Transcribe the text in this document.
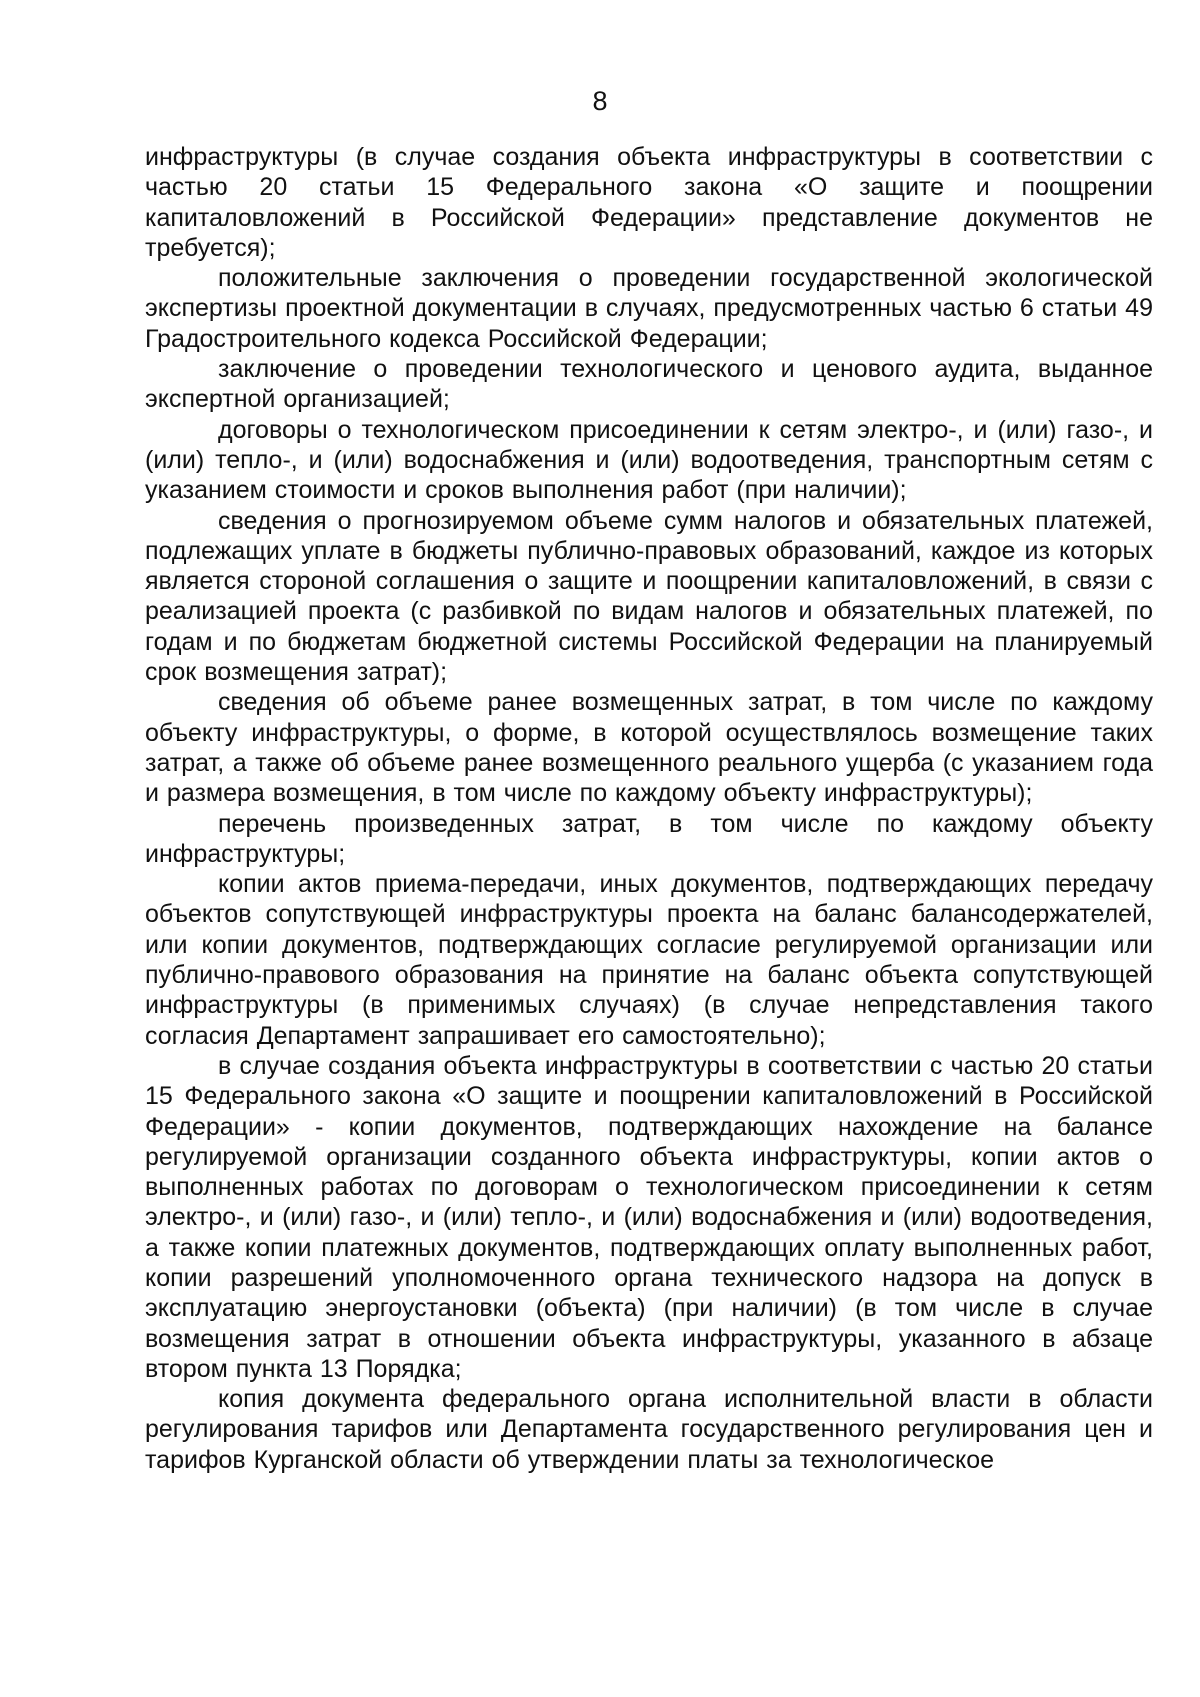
8

инфраструктуры (в случае создания объекта инфраструктуры в соответствии с частью 20 статьи 15 Федерального закона «О защите и поощрении капиталовложений в Российской Федерации» представление документов не требуется);

положительные заключения о проведении государственной экологической экспертизы проектной документации в случаях, предусмотренных частью 6 статьи 49 Градостроительного кодекса Российской Федерации;

заключение о проведении технологического и ценового аудита, выданное экспертной организацией;

договоры о технологическом присоединении к сетям электро-, и (или) газо-, и (или) тепло-, и (или) водоснабжения и (или) водоотведения, транспортным сетям с указанием стоимости и сроков выполнения работ (при наличии);

сведения о прогнозируемом объеме сумм налогов и обязательных платежей, подлежащих уплате в бюджеты публично-правовых образований, каждое из которых является стороной соглашения о защите и поощрении капиталовложений, в связи с реализацией проекта (с разбивкой по видам налогов и обязательных платежей, по годам и по бюджетам бюджетной системы Российской Федерации на планируемый срок возмещения затрат);

сведения об объеме ранее возмещенных затрат, в том числе по каждому объекту инфраструктуры, о форме, в которой осуществлялось возмещение таких затрат, а также об объеме ранее возмещенного реального ущерба (с указанием года и размера возмещения, в том числе по каждому объекту инфраструктуры);

перечень произведенных затрат, в том числе по каждому объекту инфраструктуры;

копии актов приема-передачи, иных документов, подтверждающих передачу объектов сопутствующей инфраструктуры проекта на баланс балансодержателей, или копии документов, подтверждающих согласие регулируемой организации или публично-правового образования на принятие на баланс объекта сопутствующей инфраструктуры (в применимых случаях) (в случае непредставления такого согласия Департамент запрашивает его самостоятельно);

в случае создания объекта инфраструктуры в соответствии с частью 20 статьи 15 Федерального закона «О защите и поощрении капиталовложений в Российской Федерации» - копии документов, подтверждающих нахождение на балансе регулируемой организации созданного объекта инфраструктуры, копии актов о выполненных работах по договорам о технологическом присоединении к сетям электро-, и (или) газо-, и (или) тепло-, и (или) водоснабжения и (или) водоотведения, а также копии платежных документов, подтверждающих оплату выполненных работ, копии разрешений уполномоченного органа технического надзора на допуск в эксплуатацию энергоустановки (объекта) (при наличии) (в том числе в случае возмещения затрат в отношении объекта инфраструктуры, указанного в абзаце втором пункта 13 Порядка;

копия документа федерального органа исполнительной власти в области регулирования тарифов или Департамента государственного регулирования цен и тарифов Курганской области об утверждении платы за технологическое
